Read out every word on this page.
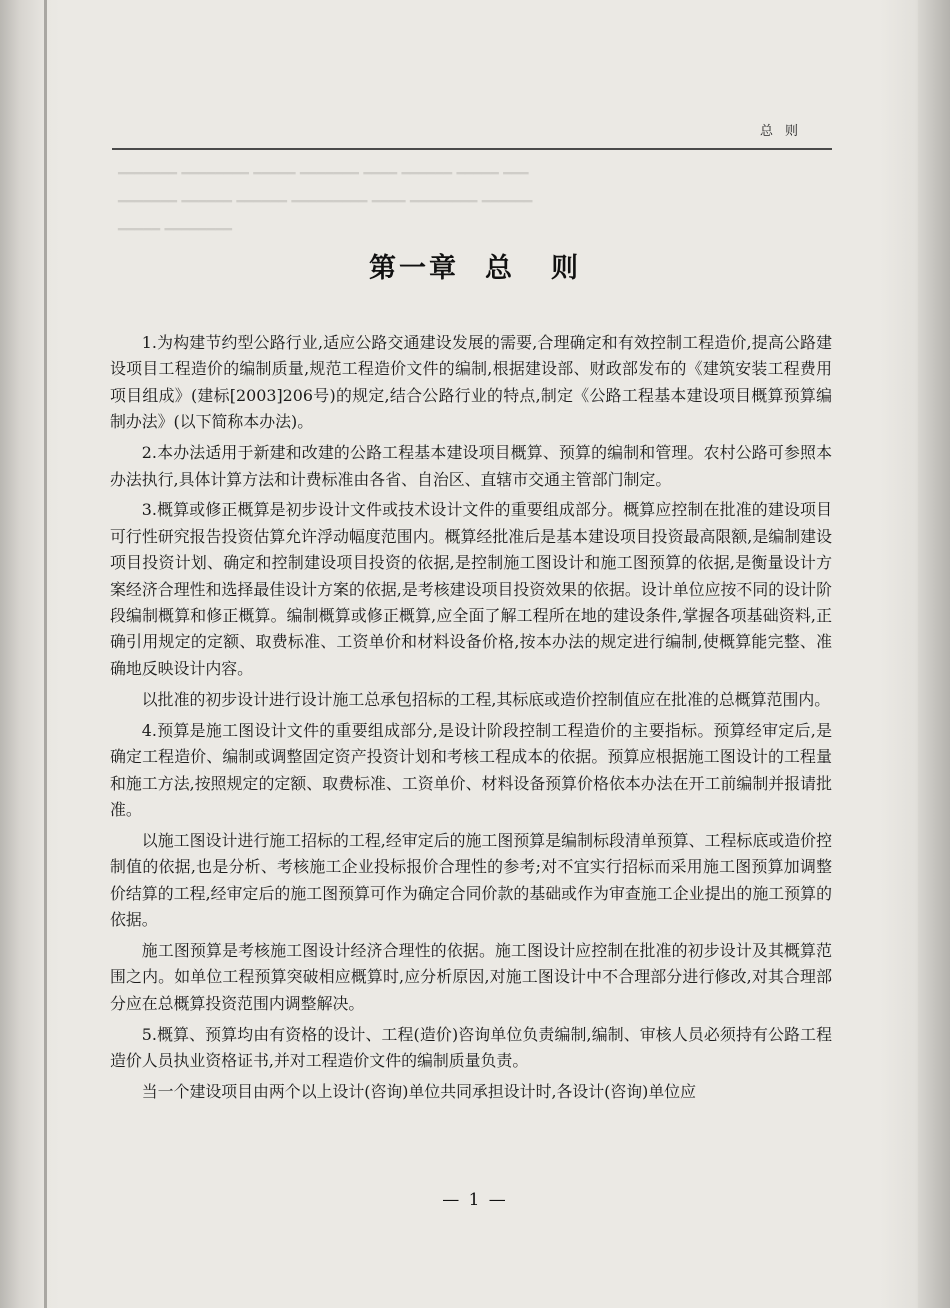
总则
━━━ ━━━━━ ━━━━━━ ━━━━ ━━━━━━━ ━━━━━ ━━━━━━━━ ━━━━━━━
━━━━━━ ━━━━━━━━ ━━━━ ━━━━━━━━━ ━━━━━━ ━━━━━━ ━━━━━━━
━━━━━━━━ ━━━━━
第一章 总 则

1.为构建节约型公路行业,适应公路交通建设发展的需要,合理确定和有效控制工程造价,提高公路建设项目工程造价的编制质量,规范工程造价文件的编制,根据建设部、财政部发布的《建筑安装工程费用项目组成》(建标[2003]206号)的规定,结合公路行业的特点,制定《公路工程基本建设项目概算预算编制办法》(以下简称本办法)。

2.本办法适用于新建和改建的公路工程基本建设项目概算、预算的编制和管理。农村公路可参照本办法执行,具体计算方法和计费标准由各省、自治区、直辖市交通主管部门制定。

3.概算或修正概算是初步设计文件或技术设计文件的重要组成部分。概算应控制在批准的建设项目可行性研究报告投资估算允许浮动幅度范围内。概算经批准后是基本建设项目投资最高限额,是编制建设项目投资计划、确定和控制建设项目投资的依据,是控制施工图设计和施工图预算的依据,是衡量设计方案经济合理性和选择最佳设计方案的依据,是考核建设项目投资效果的依据。设计单位应按不同的设计阶段编制概算和修正概算。编制概算或修正概算,应全面了解工程所在地的建设条件,掌握各项基础资料,正确引用规定的定额、取费标准、工资单价和材料设备价格,按本办法的规定进行编制,使概算能完整、准确地反映设计内容。

以批准的初步设计进行设计施工总承包招标的工程,其标底或造价控制值应在批准的总概算范围内。

4.预算是施工图设计文件的重要组成部分,是设计阶段控制工程造价的主要指标。预算经审定后,是确定工程造价、编制或调整固定资产投资计划和考核工程成本的依据。预算应根据施工图设计的工程量和施工方法,按照规定的定额、取费标准、工资单价、材料设备预算价格依本办法在开工前编制并报请批准。

以施工图设计进行施工招标的工程,经审定后的施工图预算是编制标段清单预算、工程标底或造价控制值的依据,也是分析、考核施工企业投标报价合理性的参考;对不宜实行招标而采用施工图预算加调整价结算的工程,经审定后的施工图预算可作为确定合同价款的基础或作为审查施工企业提出的施工预算的依据。

施工图预算是考核施工图设计经济合理性的依据。施工图设计应控制在批准的初步设计及其概算范围之内。如单位工程预算突破相应概算时,应分析原因,对施工图设计中不合理部分进行修改,对其合理部分应在总概算投资范围内调整解决。

5.概算、预算均由有资格的设计、工程(造价)咨询单位负责编制,编制、审核人员必须持有公路工程造价人员执业资格证书,并对工程造价文件的编制质量负责。

当一个建设项目由两个以上设计(咨询)单位共同承担设计时,各设计(咨询)单位应

— 1 —
